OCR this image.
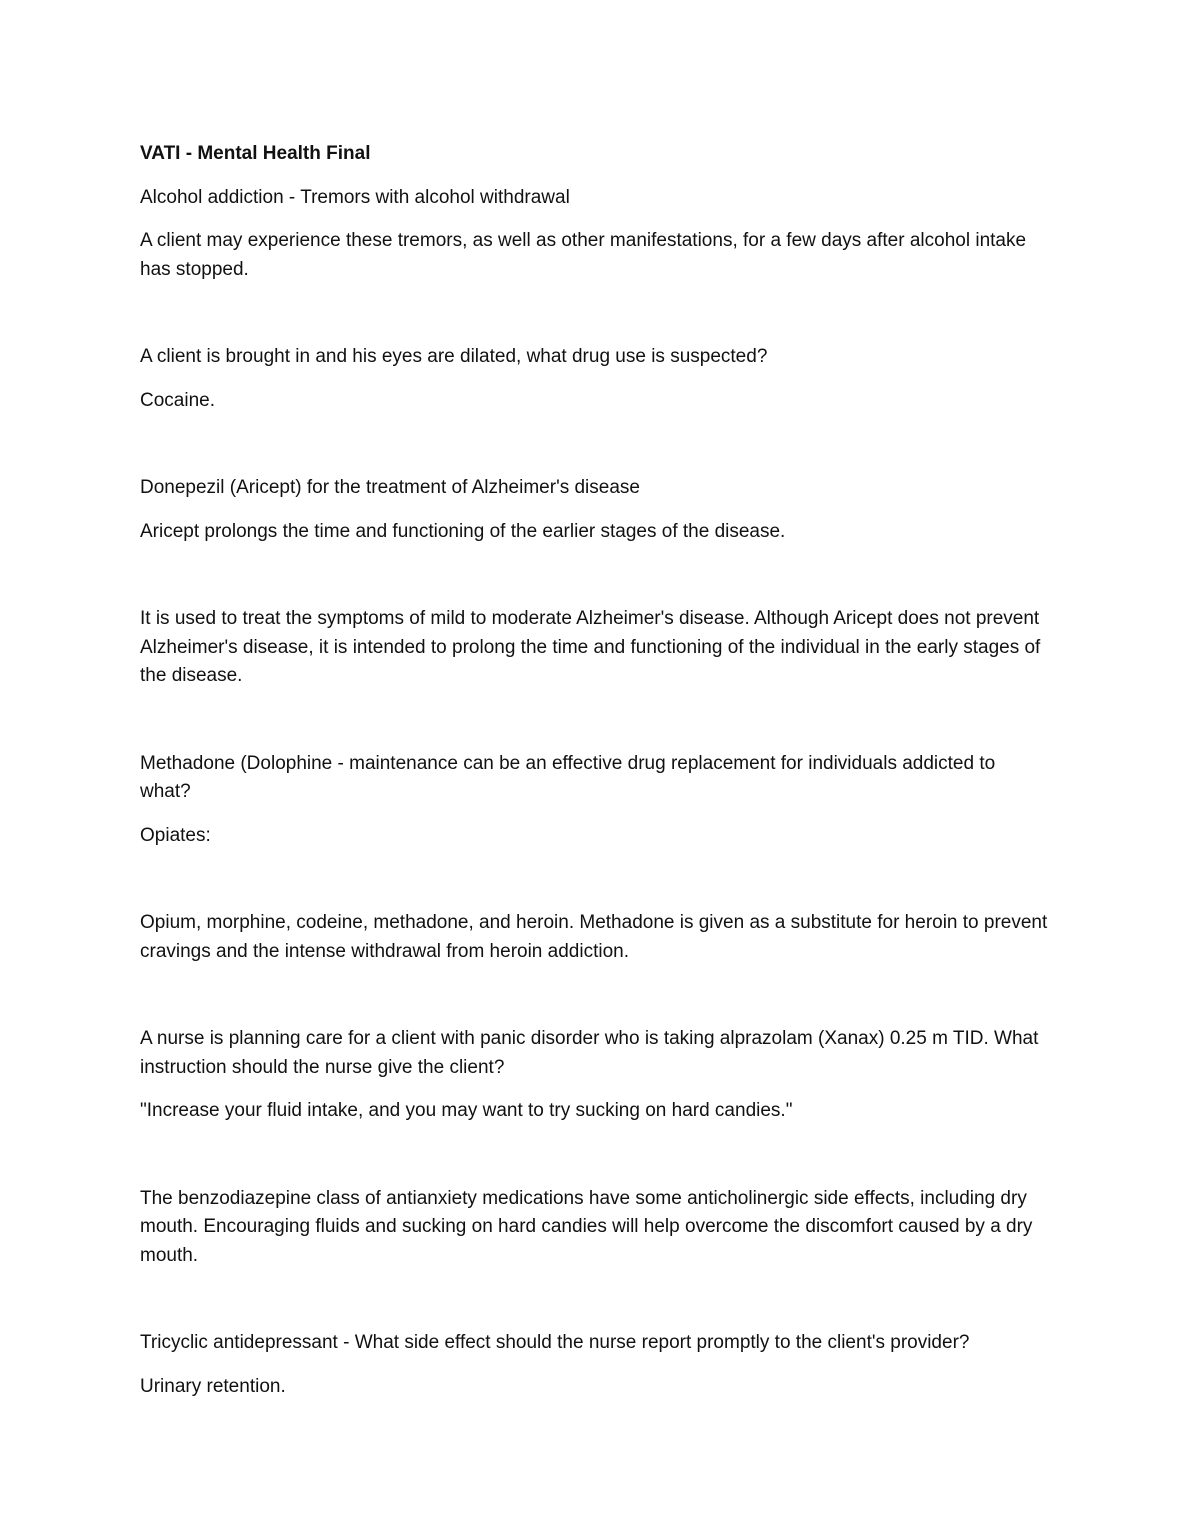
VATI - Mental Health Final

Alcohol addiction - Tremors with alcohol withdrawal

A client may experience these tremors, as well as other manifestations, for a few days after alcohol intake has stopped.

A client is brought in and his eyes are dilated, what drug use is suspected?

Cocaine.

Donepezil (Aricept) for the treatment of Alzheimer's disease

Aricept prolongs the time and functioning of the earlier stages of the disease.

It is used to treat the symptoms of mild to moderate Alzheimer's disease. Although Aricept does not prevent Alzheimer's disease, it is intended to prolong the time and functioning of the individual in the early stages of the disease.

Methadone (Dolophine - maintenance can be an effective drug replacement for individuals addicted to what?

Opiates:

Opium, morphine, codeine, methadone, and heroin. Methadone is given as a substitute for heroin to prevent cravings and the intense withdrawal from heroin addiction.

A nurse is planning care for a client with panic disorder who is taking alprazolam (Xanax) 0.25 m TID. What instruction should the nurse give the client?

"Increase your fluid intake, and you may want to try sucking on hard candies."

The benzodiazepine class of antianxiety medications have some anticholinergic side effects, including dry mouth. Encouraging fluids and sucking on hard candies will help overcome the discomfort caused by a dry mouth.

Tricyclic antidepressant - What side effect should the nurse report promptly to the client's provider?

Urinary retention.
